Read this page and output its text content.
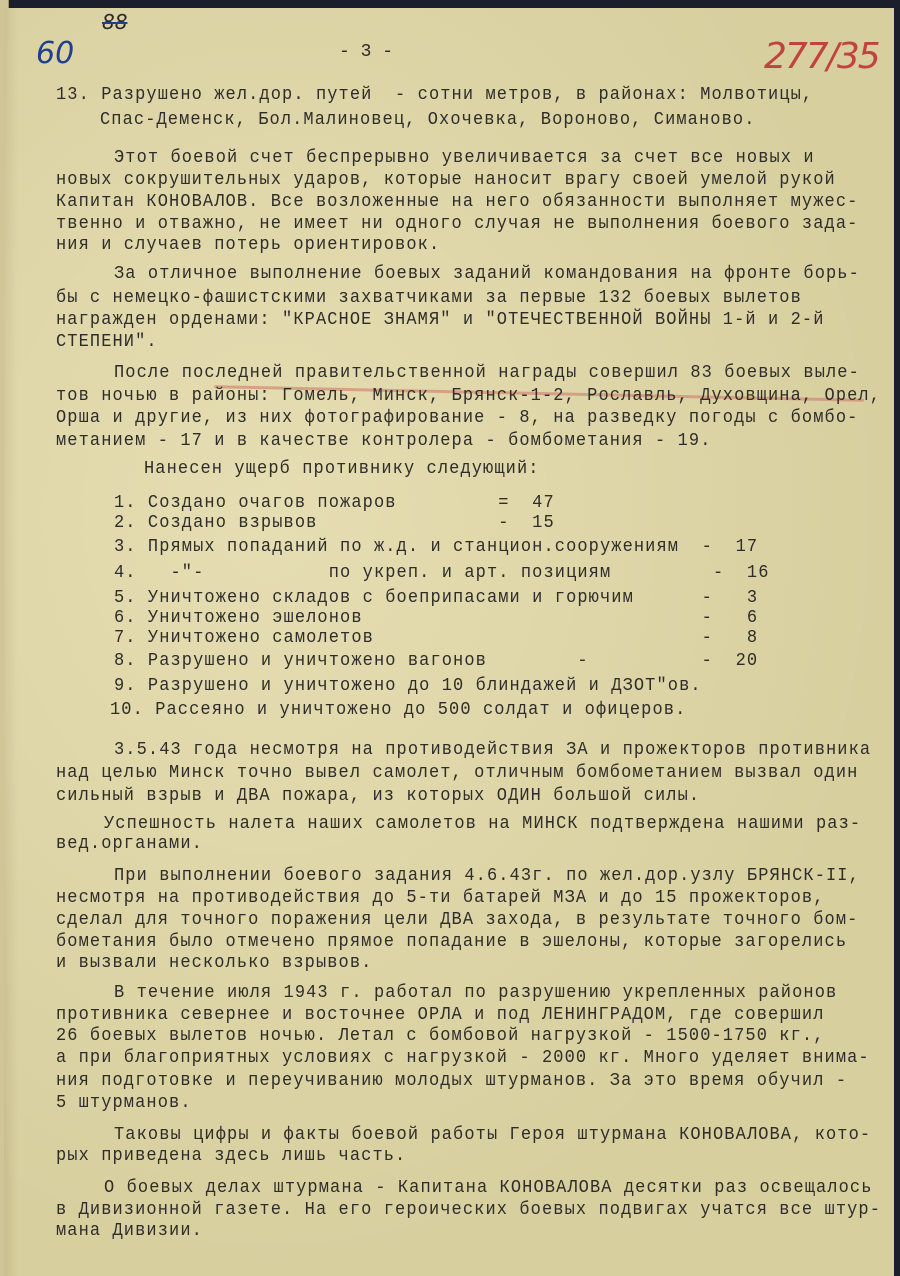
88
60	- 3 -	277/35
13. Разрушено жел.дор. путей  - сотни метров, в районах: Молвотицы,
Спас-Деменск, Бол.Малиновец, Охочевка, Вороново, Симаново.
Этот боевой счет беспрерывно увеличивается за счет все новых и
новых сокрушительных ударов, которые наносит врагу своей умелой рукой
Капитан КОНОВАЛОВ. Все возложенные на него обязанности выполняет мужес-
твенно и отважно, не имеет ни одного случая не выполнения боевого зада-
ния и случаев потерь ориентировок.
За отличное выполнение боевых заданий командования на фронте борь-
бы с немецко-фашистскими захватчиками за первые 132 боевых вылетов
награжден орденами: "КРАСНОЕ ЗНАМЯ" и "ОТЕЧЕСТВЕННОЙ ВОЙНЫ 1-й и 2-й
СТЕПЕНИ".
После последней правительственной награды совершил 83 боевых выле-
тов ночью в районы: Гомель, Минск, Брянск-1-2, Рославль, Духовщина, Орел,
Орша и другие, из них фотографирование - 8, на разведку погоды с бомбо-
метанием - 17 и в качестве контролера - бомбометания - 19.
Нанесен ущерб противнику следующий:
1. Создано очагов пожаров         =  47
2. Создано взрывов                -  15
3. Прямых попаданий по ж.д. и станцион.сооружениям  -  17
4.   -"-           по укреп. и арт. позициям         -  16
5. Уничтожено складов с боеприпасами и горючим      -   3
6. Уничтожено эшелонов                              -   6
7. Уничтожено самолетов                             -   8
8. Разрушено и уничтожено вагонов        -          -  20
9. Разрушено и уничтожено до 10 блиндажей и ДЗОТ"ов.
10. Рассеяно и уничтожено до 500 солдат и офицеров.
3.5.43 года несмотря на противодействия ЗА и прожекторов противника
над целью Минск точно вывел самолет, отличным бомбометанием вызвал один
сильный взрыв и ДВА пожара, из которых ОДИН большой силы.
Успешность налета наших самолетов на МИНСК подтверждена нашими раз-
вед.органами.
При выполнении боевого задания 4.6.43г. по жел.дор.узлу БРЯНСК-II,
несмотря на противодействия до 5-ти батарей МЗА и до 15 прожекторов,
сделал для точного поражения цели ДВА захода, в результате точного бом-
бометания было отмечено прямое попадание в эшелоны, которые загорелись
и вызвали несколько взрывов.
В течение июля 1943 г. работал по разрушению укрепленных районов
противника севернее и восточнее ОРЛА и под ЛЕНИНГРАДОМ, где совершил
26 боевых вылетов ночью. Летал с бомбовой нагрузкой - 1500-1750 кг.,
а при благоприятных условиях с нагрузкой - 2000 кг. Много уделяет внима-
ния подготовке и переучиванию молодых штурманов. За это время обучил -
5 штурманов.
Таковы цифры и факты боевой работы Героя штурмана КОНОВАЛОВА, кото-
рых приведена здесь лишь часть.
О боевых делах штурмана - Капитана КОНОВАЛОВА десятки раз освещалось
в Дивизионной газете. На его героических боевых подвигах учатся все штур-
мана Дивизии.
